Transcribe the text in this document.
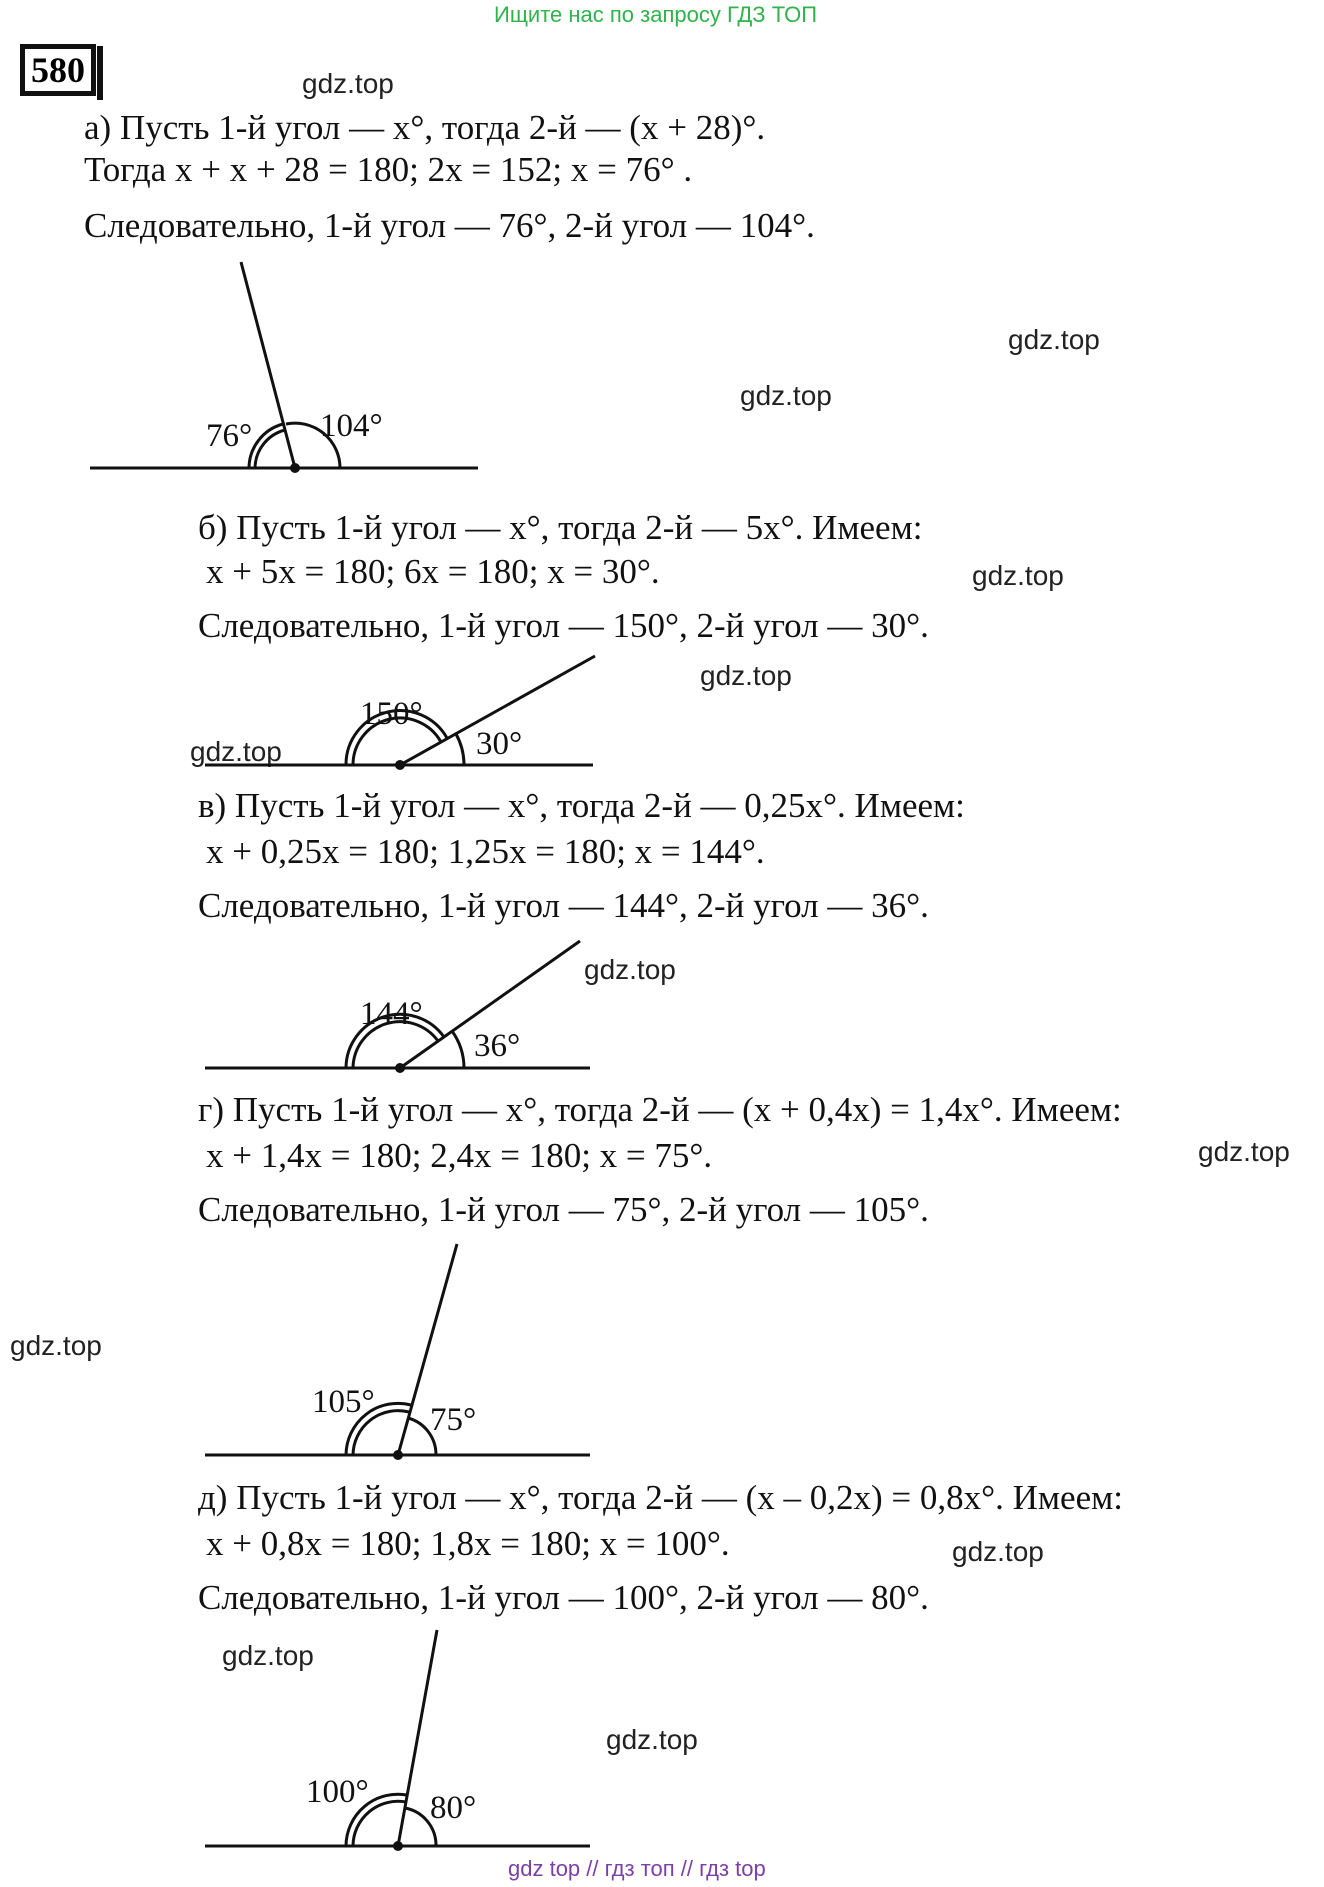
Ищите нас по запросу ГДЗ ТОП
580	gdz.top
gdz.top
gdz.top
gdz.top
gdz.top
gdz.top
gdz.top
gdz.top
gdz.top
gdz.top
gdz.top
gdz.top
а) Пусть 1-й угол — x°, тогда 2-й — (x + 28)°.
Тогда x + x + 28 = 180; 2x = 152; x = 76° .
Следовательно, 1-й угол — 76°, 2-й угол — 104°.
б) Пусть 1-й угол — x°, тогда 2-й — 5x°. Имеем:
x + 5x = 180; 6x = 180; x = 30°.
Следовательно, 1-й угол — 150°, 2-й угол — 30°.
в) Пусть 1-й угол — x°, тогда 2-й — 0,25x°. Имеем:
x + 0,25x = 180; 1,25x = 180; x = 144°.
Следовательно, 1-й угол — 144°, 2-й угол — 36°.
г) Пусть 1-й угол — x°, тогда 2-й — (x + 0,4x) = 1,4x°. Имеем:
x + 1,4x = 180; 2,4x = 180; x = 75°.
Следовательно, 1-й угол — 75°, 2-й угол — 105°.
д) Пусть 1-й угол — x°, тогда 2-й — (x – 0,2x) = 0,8x°. Имеем:
x + 0,8x = 180; 1,8x = 180; x = 100°.
Следовательно, 1-й угол — 100°, 2-й угол — 80°.
76° 104°
150°
30°
144°
36°
105° 75°
100° 80°
gdz top // гдз топ // гдз top
